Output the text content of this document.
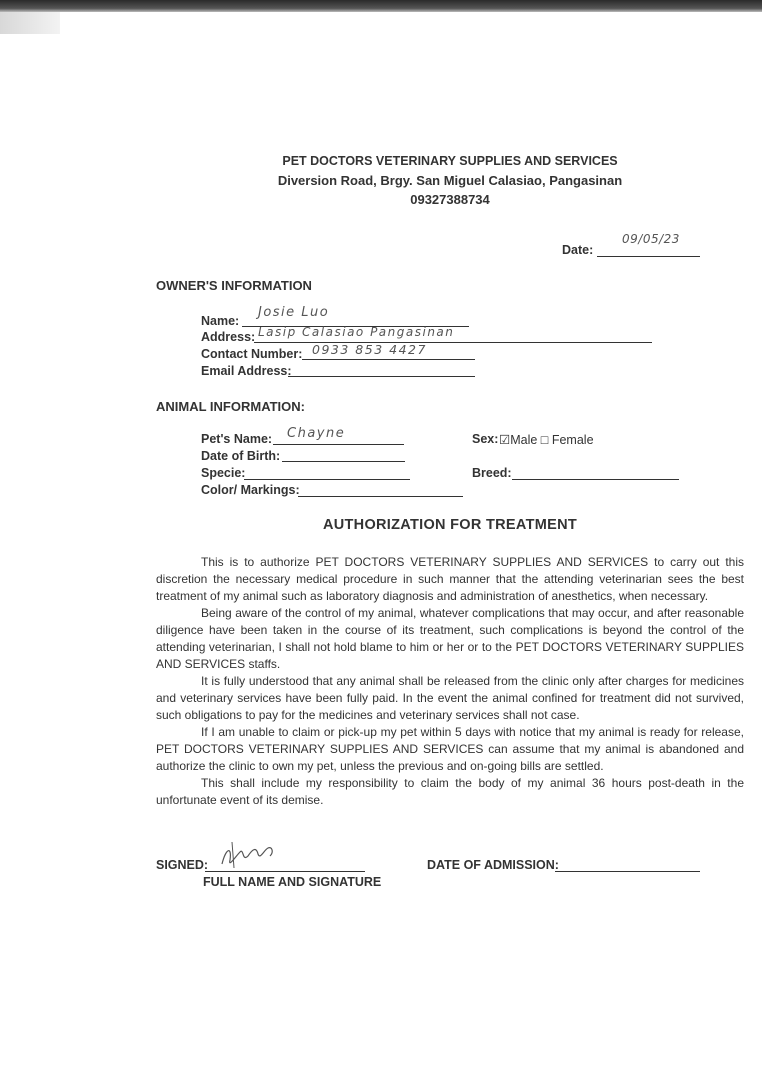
PET DOCTORS VETERINARY SUPPLIES AND SERVICES
Diversion Road, Brgy. San Miguel Calasiao, Pangasinan
09327388734
Date:
09/05/23
OWNER'S INFORMATION
Name:
Josie Luo
Address: Lasip Calasiao Pangasinan
Contact Number: 0933 853 4427
Email Address:
ANIMAL INFORMATION:
Pet's Name: Chayne	Sex: ☑Male □ Female
Date of Birth:
Specie:	Breed:
Color/ Markings:
AUTHORIZATION FOR TREATMENT

This is to authorize PET DOCTORS VETERINARY SUPPLIES AND SERVICES to carry out this discretion the necessary medical procedure in such manner that the attending veterinarian sees the best treatment of my animal such as laboratory diagnosis and administration of anesthetics, when necessary.

Being aware of the control of my animal, whatever complications that may occur, and after reasonable diligence have been taken in the course of its treatment, such complications is beyond the control of the attending veterinarian, I shall not hold blame to him or her or to the PET DOCTORS VETERINARY SUPPLIES AND SERVICES staffs.

It is fully understood that any animal shall be released from the clinic only after charges for medicines and veterinary services have been fully paid. In the event the animal confined for treatment did not survived, such obligations to pay for the medicines and veterinary services shall not case.

If I am unable to claim or pick-up my pet within 5 days with notice that my animal is ready for release, PET DOCTORS VETERINARY SUPPLIES AND SERVICES can assume that my animal is abandoned and authorize the clinic to own my pet, unless the previous and on-going bills are settled.

This shall include my responsibility to claim the body of my animal 36 hours post-death in the unfortunate event of its demise.

SIGNED:
FULL NAME AND SIGNATURE
DATE OF ADMISSION:
